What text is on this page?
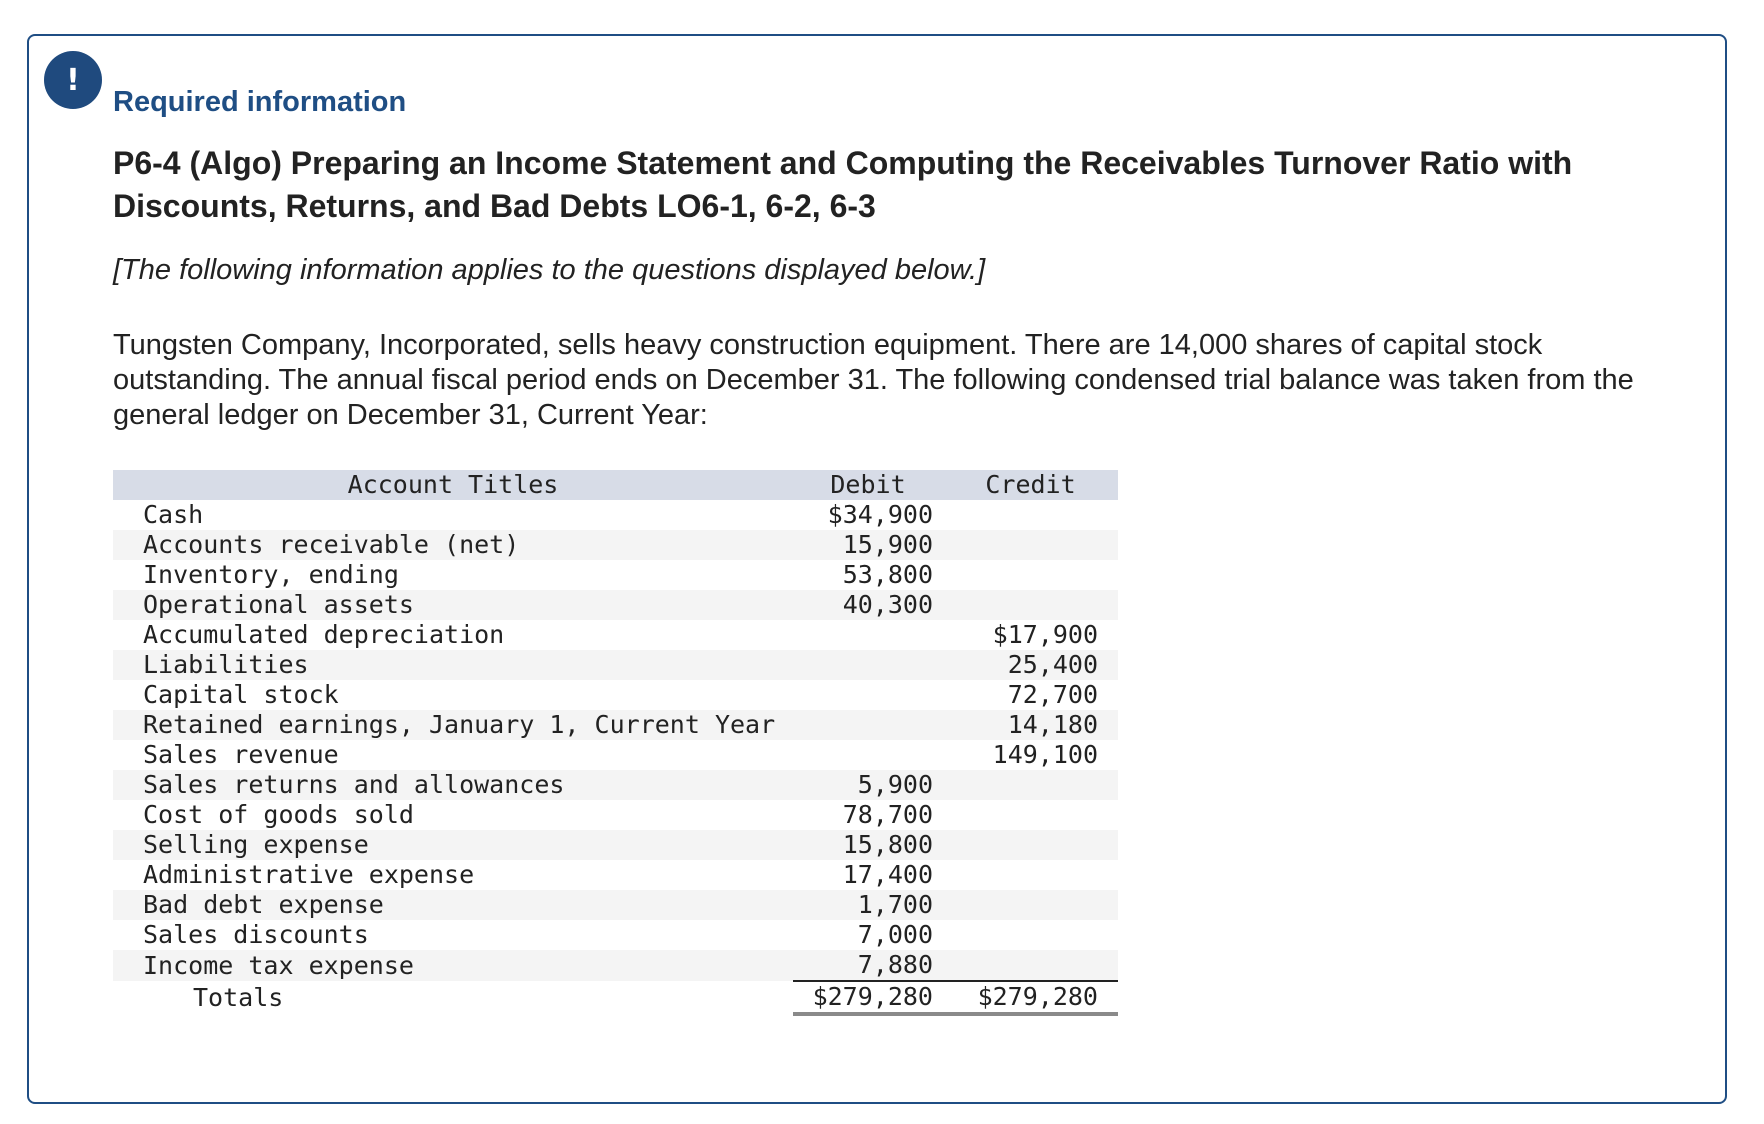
!
Required information
P6-4 (Algo) Preparing an Income Statement and Computing the Receivables Turnover Ratio with Discounts, Returns, and Bad Debts LO6-1, 6-2, 6-3

[The following information applies to the questions displayed below.]

Tungsten Company, Incorporated, sells heavy construction equipment. There are 14,000 shares of capital stock outstanding. The annual fiscal period ends on December 31. The following condensed trial balance was taken from the general ledger on December 31, Current Year:

Account Titles	Debit	Credit
Cash	$34,900	
Accounts receivable (net)	15,900	
Inventory, ending	53,800	
Operational assets	40,300	
Accumulated depreciation		$17,900
Liabilities		25,400
Capital stock		72,700
Retained earnings, January 1, Current Year		14,180
Sales revenue		149,100
Sales returns and allowances	5,900	
Cost of goods sold	78,700	
Selling expense	15,800	
Administrative expense	17,400	
Bad debt expense	1,700	
Sales discounts	7,000	
Income tax expense	7,880	
Totals	$279,280	$279,280
